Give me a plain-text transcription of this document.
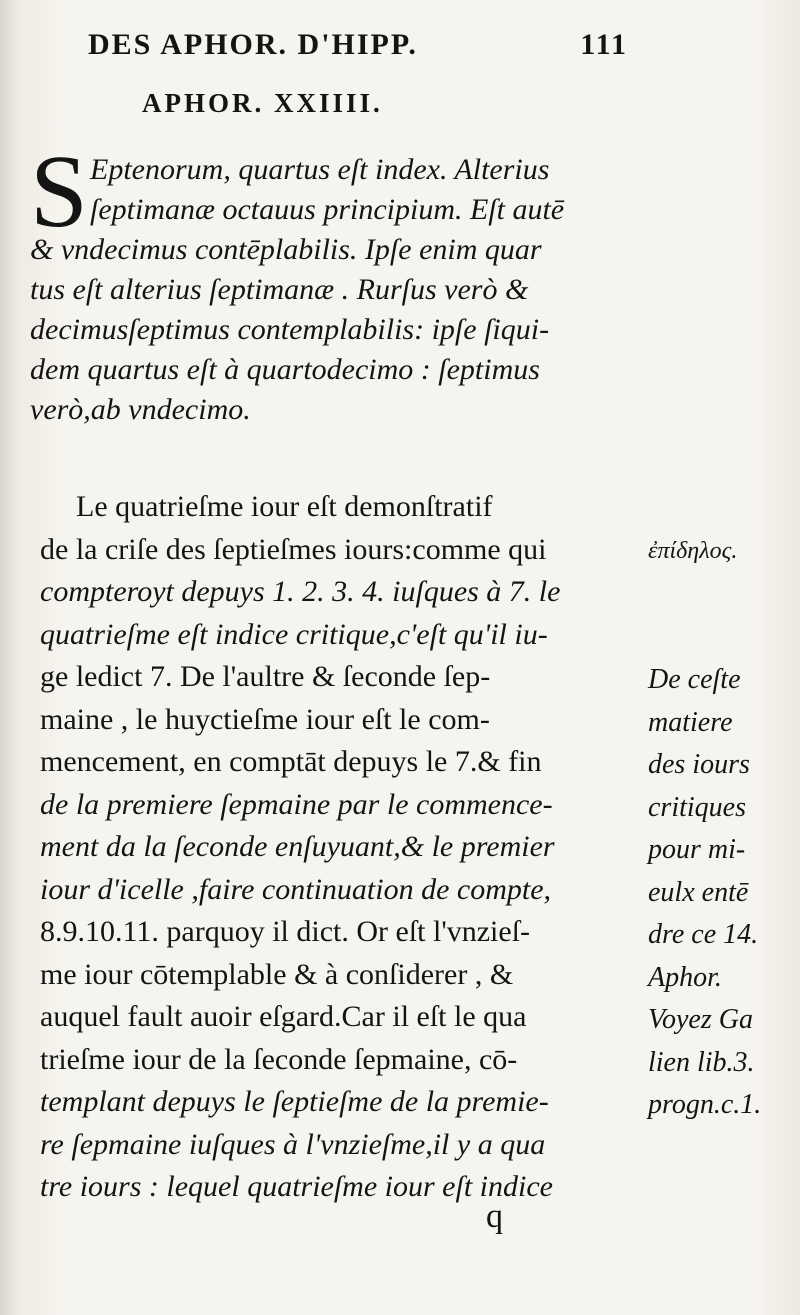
DES APHOR. D'HIPP.	111
APHOR. XXIIII.
S Eptenorum, quartus eſt index. Alterius
ſeptimanæ octauus principium. Eſt autē
& vndecimus contēplabilis. Ipſe enim quar
tus eſt alterius ſeptimanæ . Rurſus verò &
decimusſeptimus contemplabilis: ipſe ſiqui-
dem quartus eſt à quartodecimo : ſeptimus
verò,ab vndecimo.
Le quatrieſme iour eſt demonſtratif
de la criſe des ſeptieſmes iours:comme qui
compteroyt depuys 1. 2. 3. 4. iuſques à 7. le
quatrieſme eſt indice critique,c'eſt qu'il iu-
ge ledict 7. De l'aultre & ſeconde ſep-
maine , le huyctieſme iour eſt le com-
mencement, en comptāt depuys le 7.& fin
de la premiere ſepmaine par le commence-
ment da la ſeconde enſuyuant,& le premier
iour d'icelle ,faire continuation de compte,
8.9.10.11. parquoy il dict. Or eſt l'vnzieſ-
me iour cōtemplable & à conſiderer , &
auquel fault auoir eſgard.Car il eſt le qua
trieſme iour de la ſeconde ſepmaine, cō-
templant depuys le ſeptieſme de la premie-
re ſepmaine iuſques à l'vnzieſme,il y a qua
tre iours : lequel quatrieſme iour eſt indice
ἐπίδηλος.
De ceſte
matiere
des iours
critiques
pour mi-
eulx entē
dre ce 14.
Aphor.
Voyez Ga
lien lib.3.
progn.c.1.
q
